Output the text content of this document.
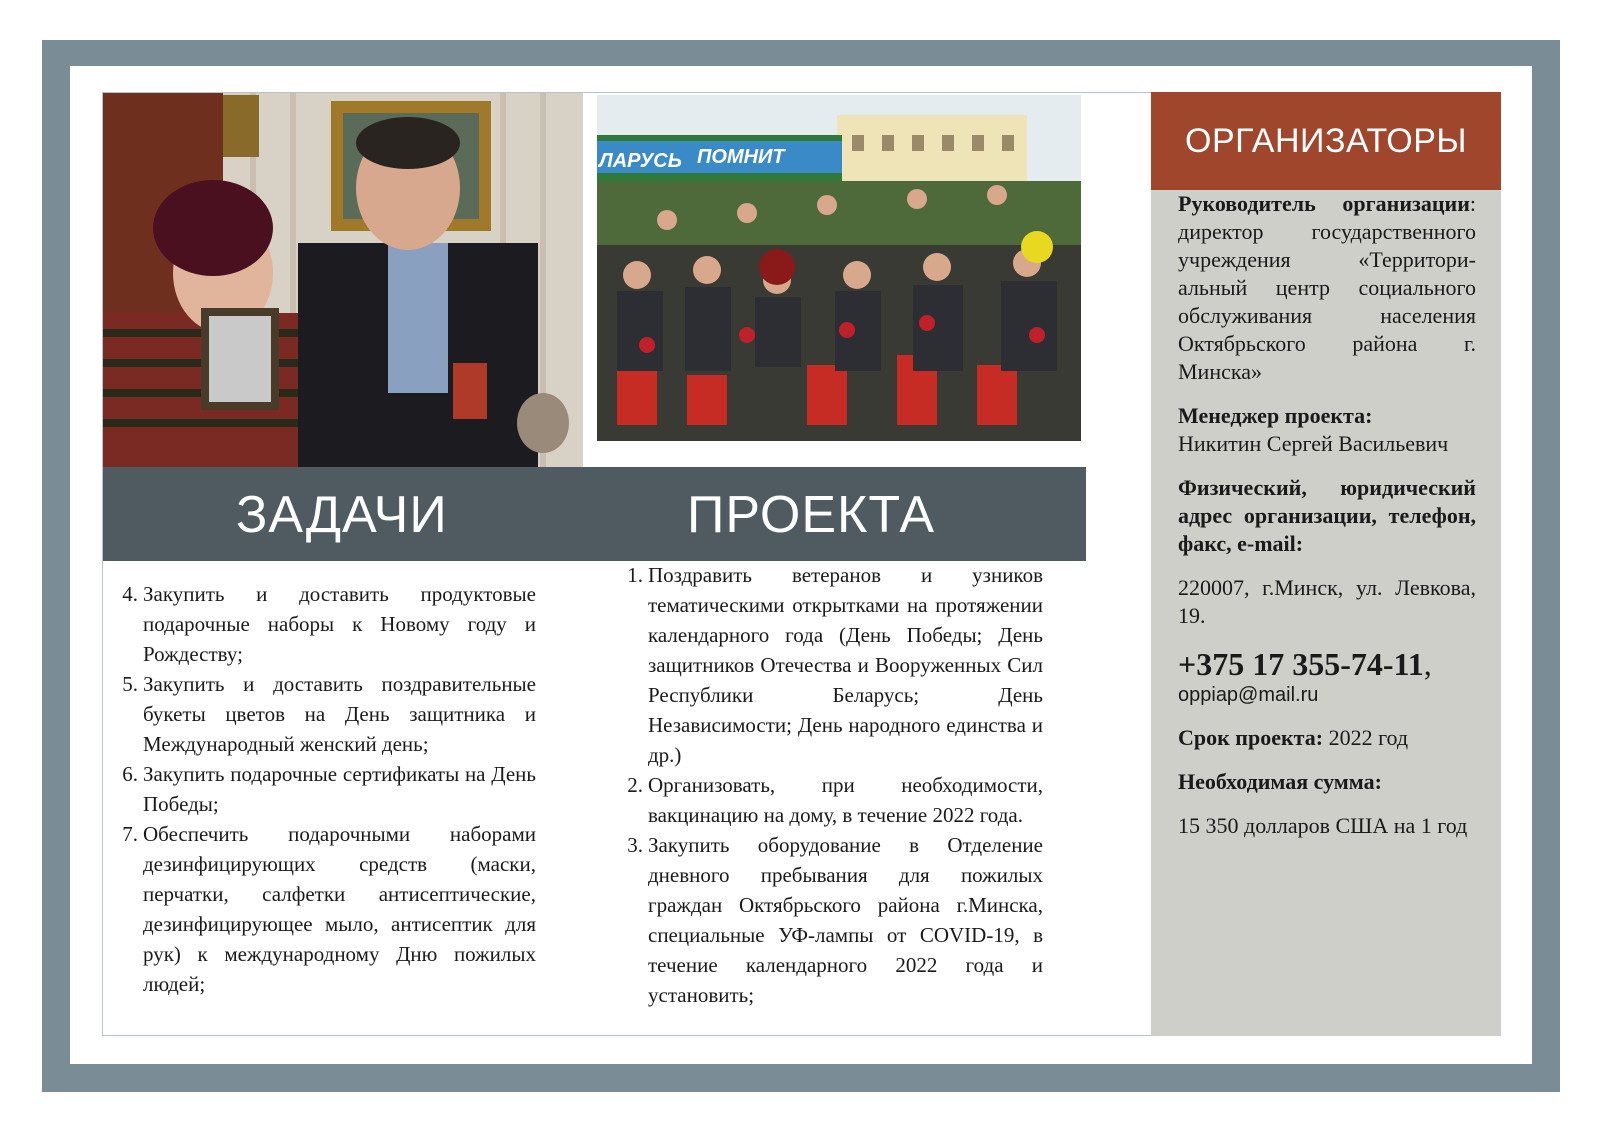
ЛАРУСЬ ПОМНИТ
ЗАДАЧИ	ПРОЕКТА
4. Закупить и доставить продуктовые подарочные наборы к Новому году и Рождеству;
5. Закупить и доставить поздравительные букеты цветов на День защитника и Международный женский день;
6. Закупить подарочные сертификаты на День Победы;
7. Обеспечить подарочными наборами дезинфицирующих средств (маски, перчатки, салфетки антисептические, дезинфицирующее мыло, антисептик для рук) к международному Дню пожилых людей;
1. Поздравить ветеранов и узников тематическими открытками на протяжении календарного года (День Победы; День защитников Отечества и Вооруженных Сил Республики Беларусь; День Независимости; День народного единства и др.)
2. Организовать, при необходимости, вакцинацию на дому, в течение 2022 года.
3. Закупить оборудование в Отделение дневного пребывания для пожилых граждан Октябрьского района г.Минска, специальные УФ-лампы от COVID-19, в течение календарного 2022 года и установить;
ОРГАНИЗАТОРЫ

Руководитель организации: директор государственного учреждения «Территори-альный центр социального обслуживания населения Октябрьского района г. Минска»

Менеджер проекта:

Никитин Сергей Васильевич

Физический, юридический адрес организации, телефон, факс, e-mail:

220007, г.Минск, ул. Левкова, 19.

+375 17 355-74-11,

oppiap@mail.ru

Срок проекта: 2022 год

Необходимая сумма:

15 350 долларов США на 1 год
